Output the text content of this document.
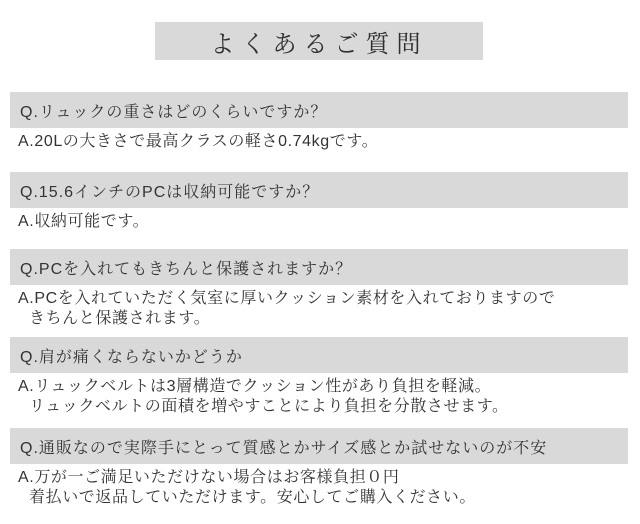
よくあるご質問
Q.リュックの重さはどのくらいですか？
A.20Lの大きさで最高クラスの軽さ0.74kgです。
Q.15.6インチのPCは収納可能ですか？
A.収納可能です。
Q.PCを入れてもきちんと保護されますか？
A.PCを入れていただく気室に厚いクッション素材を入れておりますので
きちんと保護されます。
Q.肩が痛くならないかどうか
A.リュックベルトは3層構造でクッション性があり負担を軽減。
リュックベルトの面積を増やすことにより負担を分散させます。
Q.通販なので実際手にとって質感とかサイズ感とか試せないのが不安
A.万が一ご満足いただけない場合はお客様負担０円
着払いで返品していただけます。安心してご購入ください。
